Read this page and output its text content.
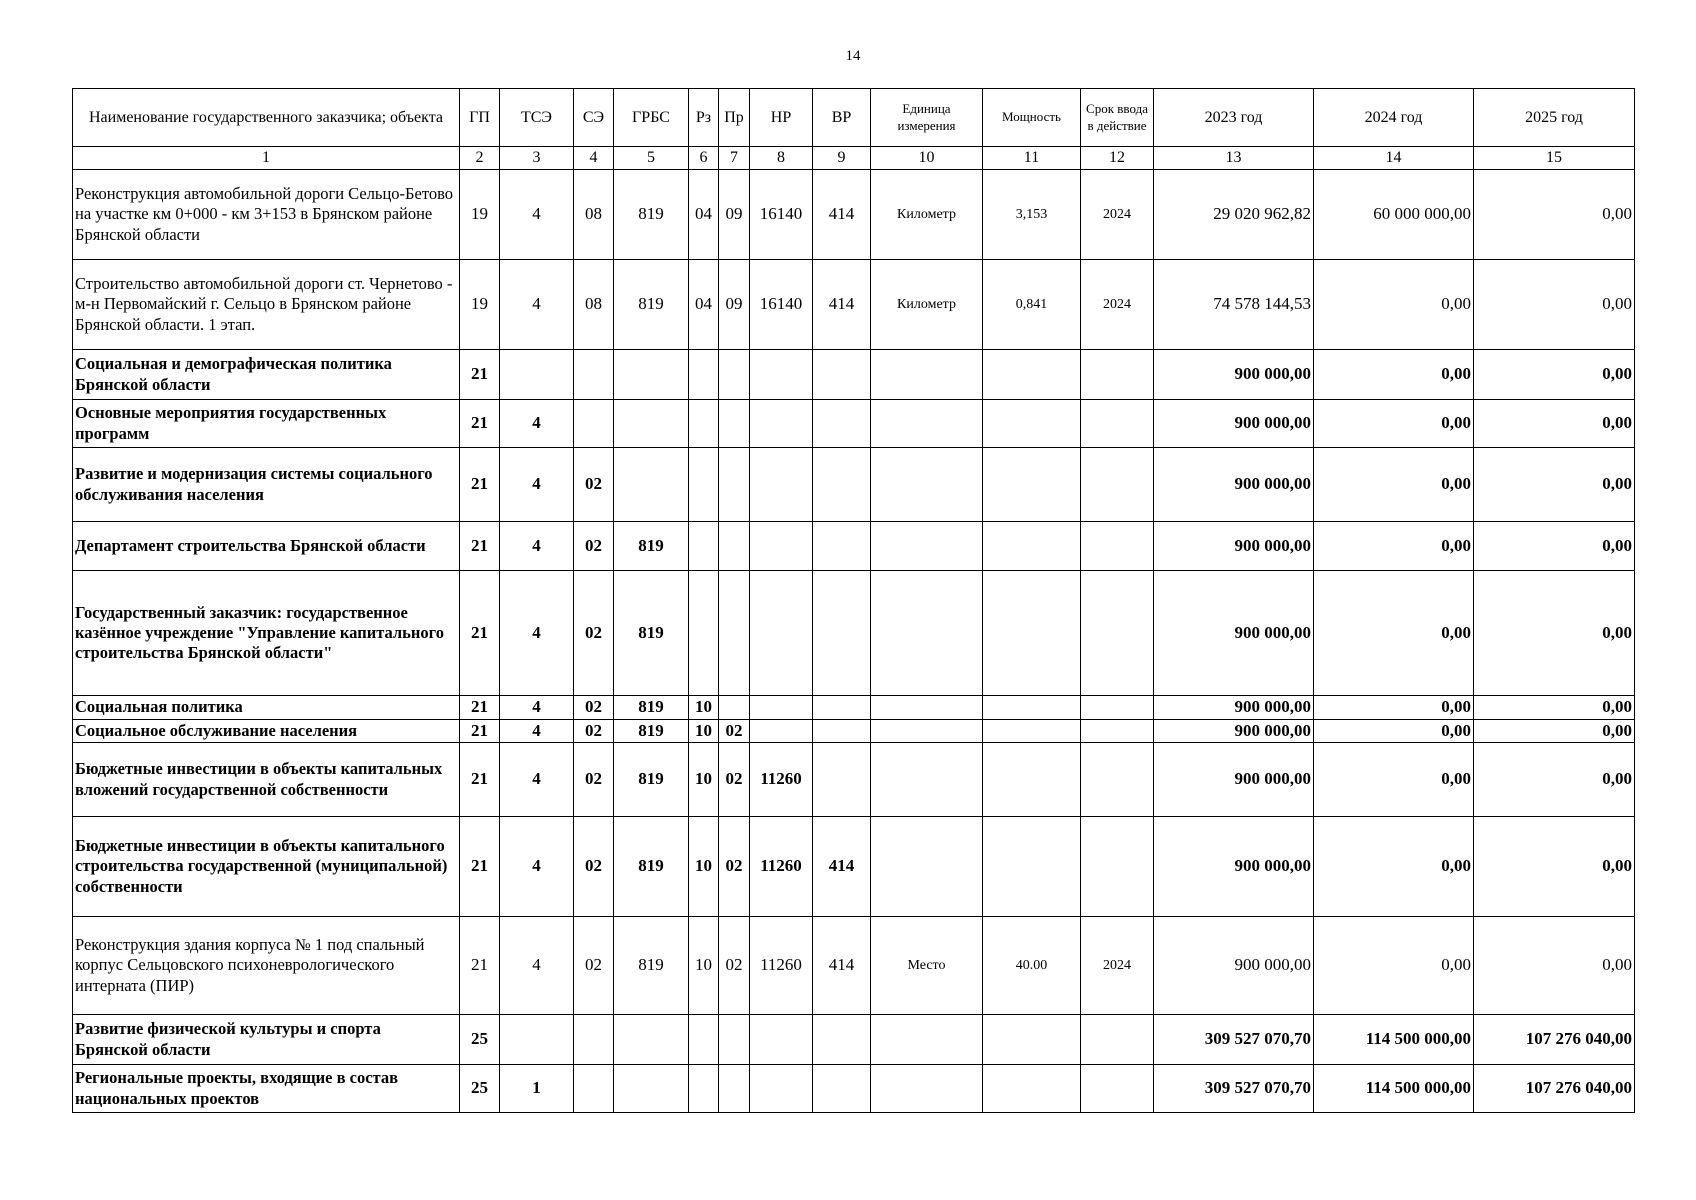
14
Наименование государственного заказчика; объекта	ГП	ТСЭ	СЭ	ГРБС	Рз	Пр	НР	ВР	Единица измерения	Мощность	Срок ввода в действие	2023 год	2024 год	2025 год
1	2	3	4	5	6	7	8	9	10	11	12	13	14	15
Реконструкция автомобильной дороги Сельцо-Бетово на участке км 0+000 - км 3+153 в Брянском районе Брянской области	19	4	08	819	04	09	16140	414	Километр	3,153	2024	29 020 962,82	60 000 000,00	0,00
Строительство автомобильной дороги ст. Чернетово - м-н Первомайский г. Сельцо в Брянском районе Брянской области. 1 этап.	19	4	08	819	04	09	16140	414	Километр	0,841	2024	74 578 144,53	0,00	0,00
Социальная и демографическая политика Брянской области	21											900 000,00	0,00	0,00
Основные мероприятия государственных программ	21	4										900 000,00	0,00	0,00
Развитие и модернизация системы социального обслуживания населения	21	4	02									900 000,00	0,00	0,00
Департамент строительства Брянской области	21	4	02	819								900 000,00	0,00	0,00
Государственный заказчик: государственное казённое учреждение "Управление капитального строительства Брянской области"	21	4	02	819								900 000,00	0,00	0,00
Социальная политика	21	4	02	819	10							900 000,00	0,00	0,00
Социальное обслуживание населения	21	4	02	819	10	02						900 000,00	0,00	0,00
Бюджетные инвестиции в объекты капитальных вложений государственной собственности	21	4	02	819	10	02	11260					900 000,00	0,00	0,00
Бюджетные инвестиции в объекты капитального строительства государственной (муниципальной) собственности	21	4	02	819	10	02	11260	414				900 000,00	0,00	0,00
Реконструкция здания корпуса № 1 под спальный корпус Сельцовского психоневрологического интерната (ПИР)	21	4	02	819	10	02	11260	414	Место	40.00	2024	900 000,00	0,00	0,00
Развитие физической культуры и спорта Брянской области	25											309 527 070,70	114 500 000,00	107 276 040,00
Региональные проекты, входящие в состав национальных проектов	25	1										309 527 070,70	114 500 000,00	107 276 040,00
